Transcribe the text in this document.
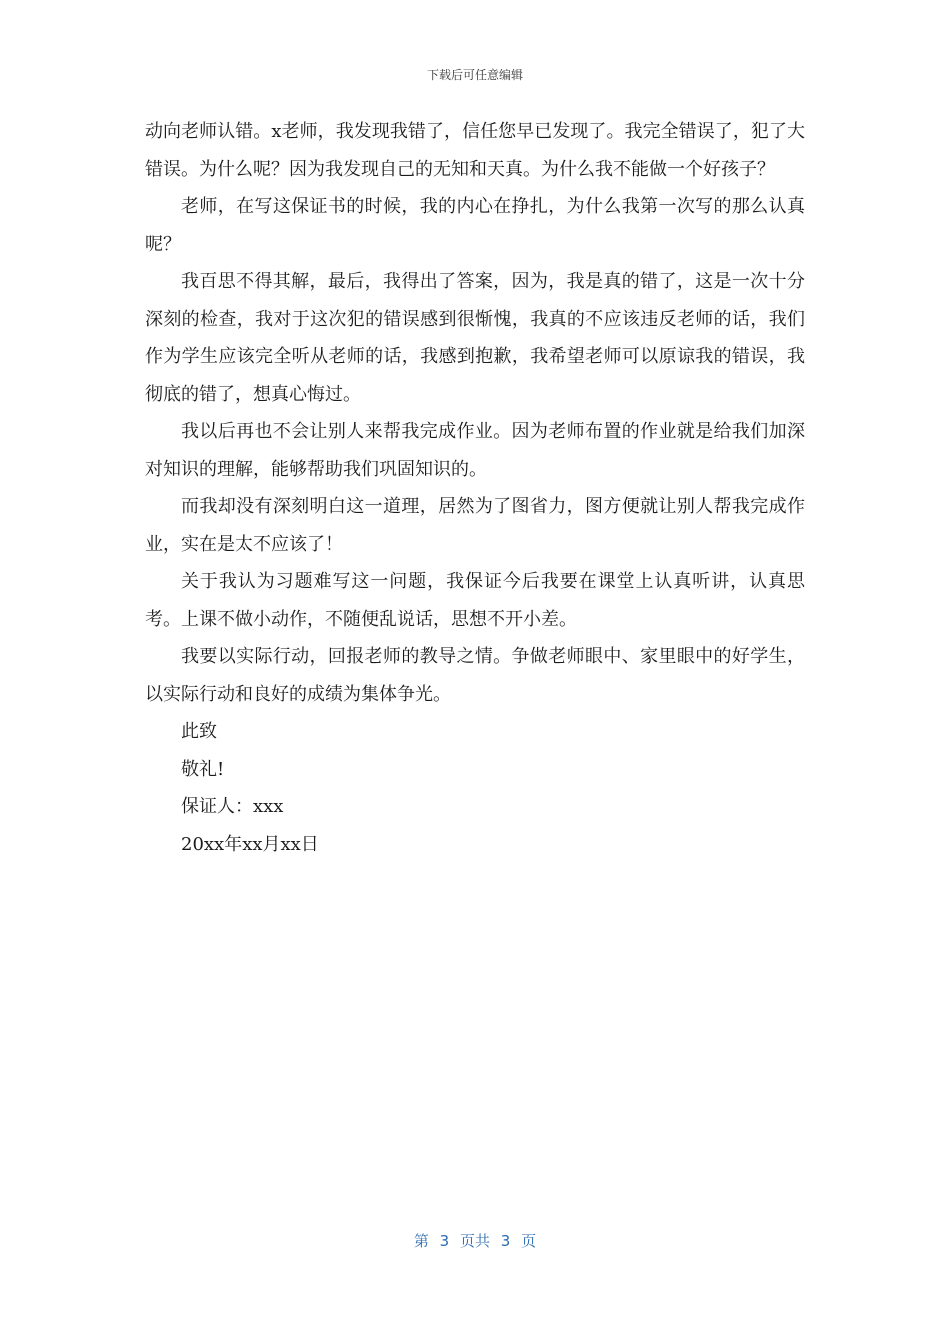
下载后可任意编辑

动向老师认错。x老师，我发现我错了，信任您早已发现了。我完全错误了，犯了大错误。为什么呢？因为我发现自己的无知和天真。为什么我不能做一个好孩子？

老师，在写这保证书的时候，我的内心在挣扎，为什么我第一次写的那么认真呢？

我百思不得其解，最后，我得出了答案，因为，我是真的错了，这是一次十分深刻的检查，我对于这次犯的错误感到很惭愧，我真的不应该违反老师的话，我们作为学生应该完全听从老师的话，我感到抱歉，我希望老师可以原谅我的错误，我彻底的错了，想真心悔过。

我以后再也不会让别人来帮我完成作业。因为老师布置的作业就是给我们加深对知识的理解，能够帮助我们巩固知识的。

而我却没有深刻明白这一道理，居然为了图省力，图方便就让别人帮我完成作业，实在是太不应该了！

关于我认为习题难写这一问题，我保证今后我要在课堂上认真听讲，认真思考。上课不做小动作，不随便乱说话，思想不开小差。

我要以实际行动，回报老师的教导之情。争做老师眼中、家里眼中的好学生，以实际行动和良好的成绩为集体争光。

此致

敬礼!

保证人：xxx

20xx年xx月xx日

第 3 页共 3 页
